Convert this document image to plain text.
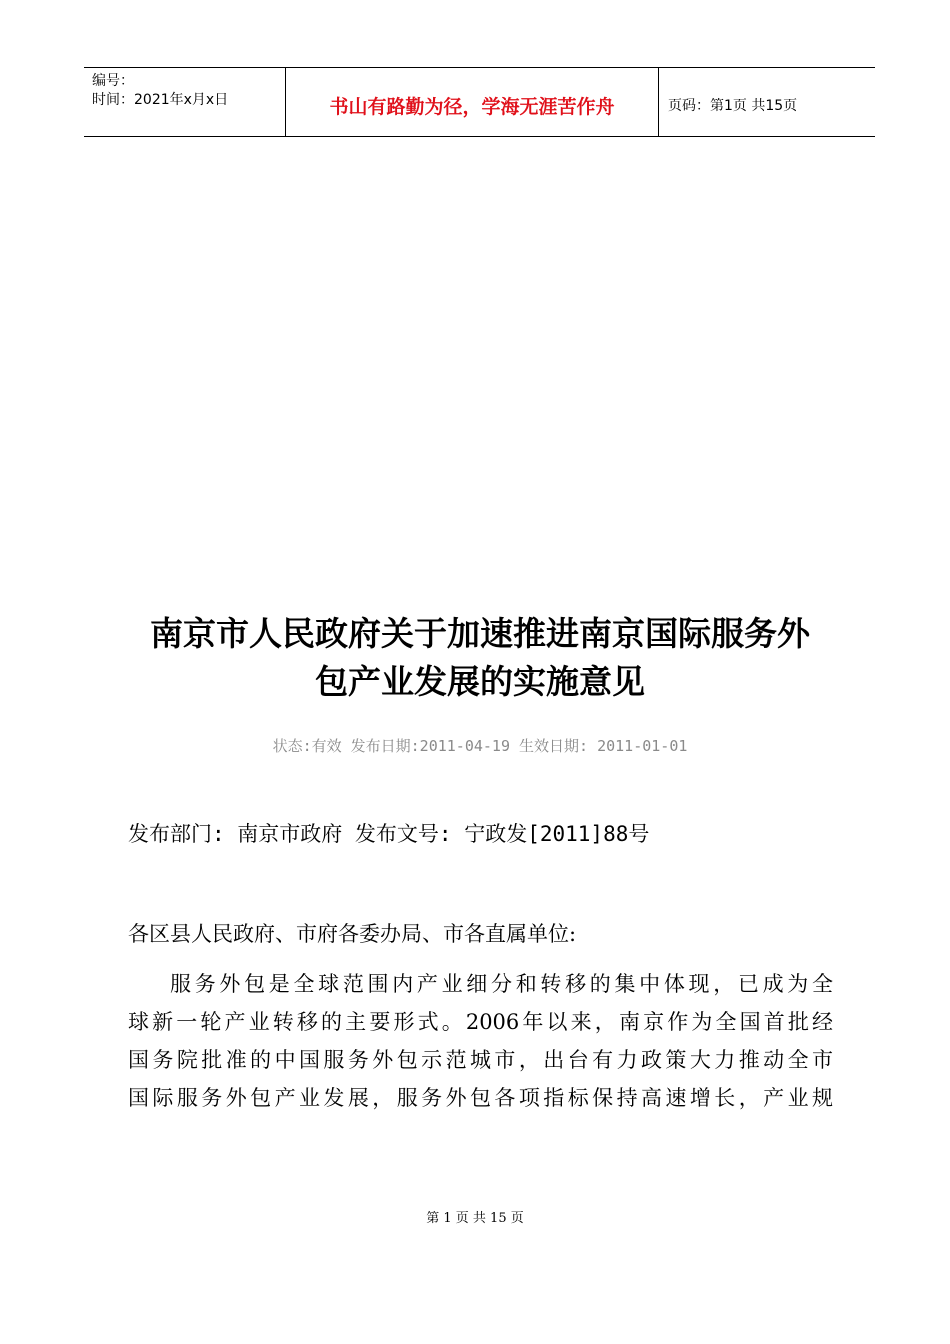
编号：
时间：2021年x月x日	书山有路勤为径，学海无涯苦作舟	页码：第1页 共15页
南京市人民政府关于加速推进南京国际服务外
包产业发展的实施意见
状态:有效 发布日期:2011-04-19 生效日期: 2011-01-01
发布部门: 南京市政府 发布文号: 宁政发[2011]88号
各区县人民政府、市府各委办局、市各直属单位:
服务外包是全球范围内产业细分和转移的集中体现，已成为全
球新一轮产业转移的主要形式。2006年以来，南京作为全国首批经
国务院批准的中国服务外包示范城市，出台有力政策大力推动全市
国际服务外包产业发展，服务外包各项指标保持高速增长，产业规
第 1 页 共 15 页
